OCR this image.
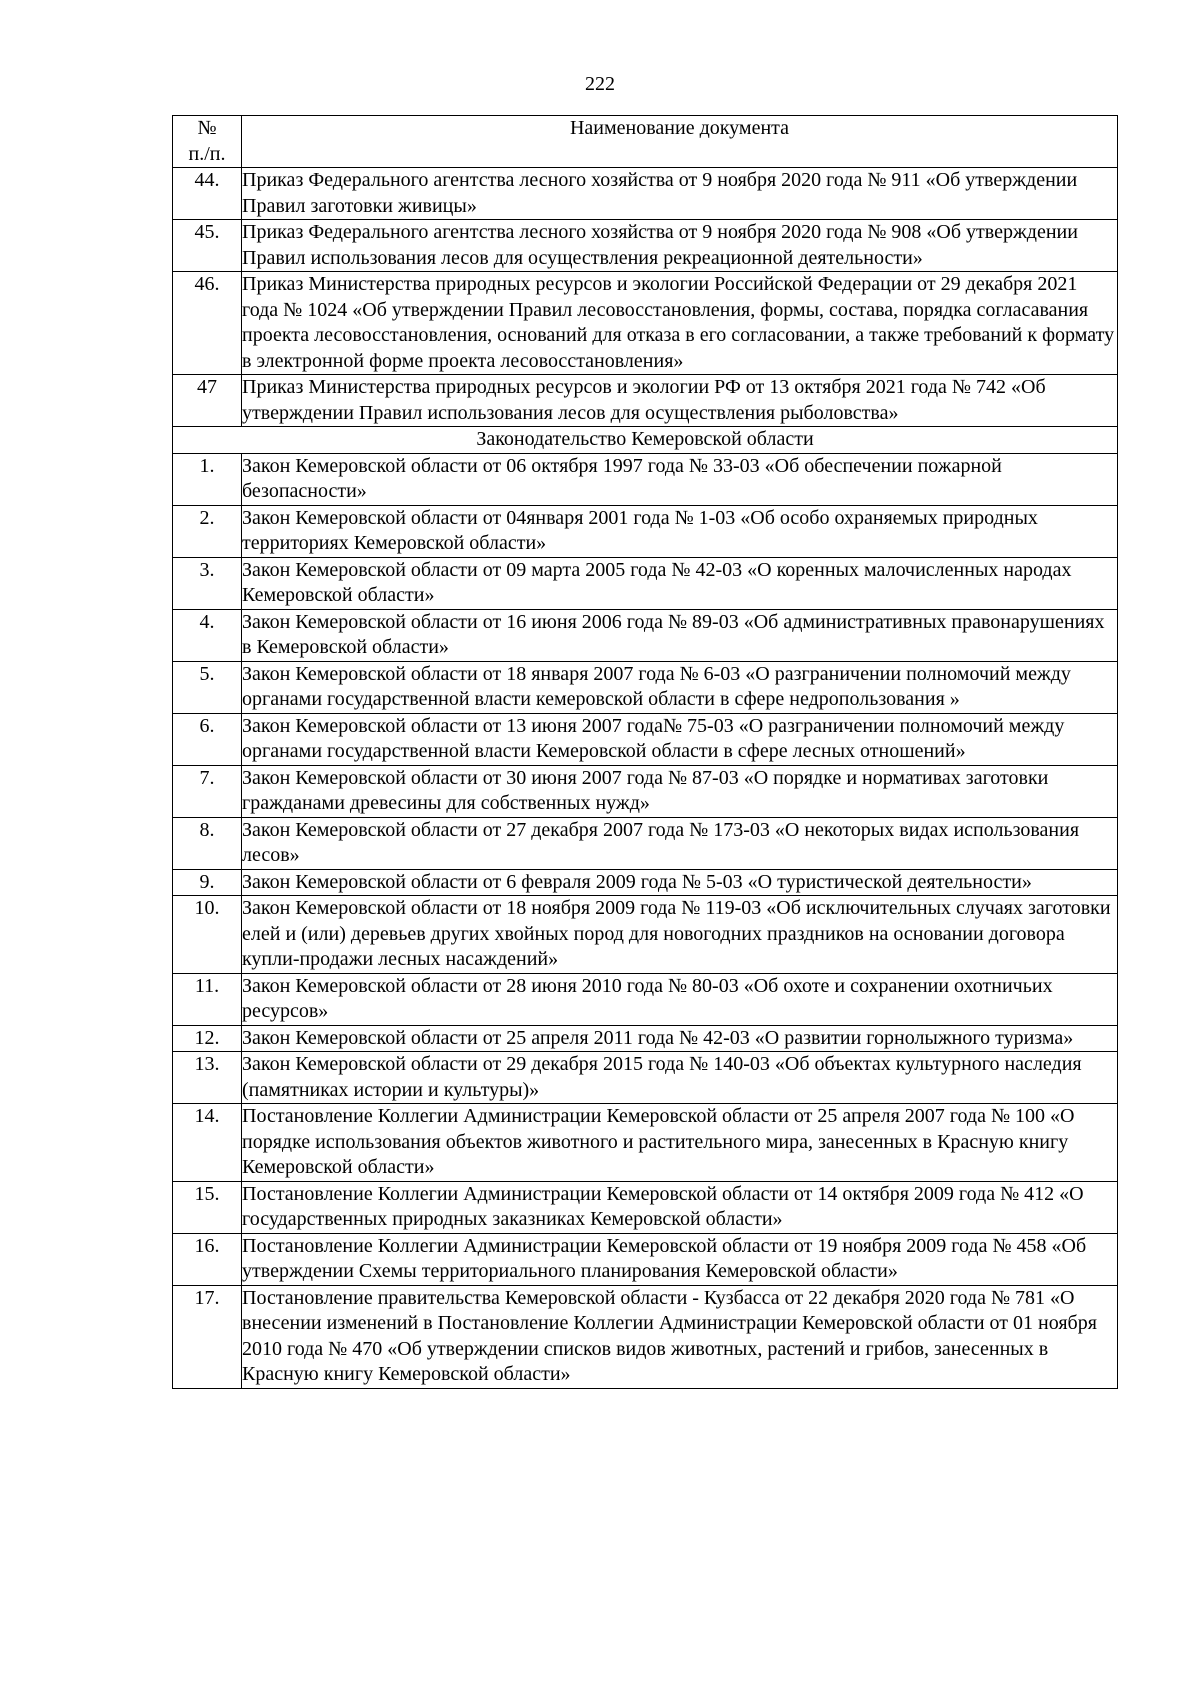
222
№
п./п.	Наименование документа
44.	Приказ Федерального агентства лесного хозяйства от 9 ноября 2020 года № 911 «Об утверждении Правил заготовки живицы»
45.	Приказ Федерального агентства лесного хозяйства от 9 ноября 2020 года № 908 «Об утверждении Правил использования лесов для осуществления рекреационной деятельности»
46.	Приказ Министерства природных ресурсов и экологии Российской Федерации от 29 декабря 2021 года № 1024 «Об утверждении Правил лесовосстановления, формы, состава, порядка согласавания проекта лесовосстановления, оснований для отказа в его согласовании, а также требований к формату в электронной форме проекта лесовосстановления»
47	Приказ Министерства природных ресурсов и экологии РФ от 13 октября 2021 года № 742 «Об утверждении Правил использования лесов для осуществления рыболовства»
Законодательство Кемеровской области	
1.	Закон Кемеровской области от 06 октября 1997 года № 33-03 «Об обеспечении пожарной безопасности»
2.	Закон Кемеровской области от 04января 2001 года № 1-03 «Об особо охраняемых природных территориях Кемеровской области»
3.	Закон Кемеровской области от 09 марта 2005 года № 42-03 «О коренных малочисленных народах Кемеровской области»
4.	Закон Кемеровской области от 16 июня 2006 года № 89-03 «Об административных правонарушениях в Кемеровской области»
5.	Закон Кемеровской области от 18 января 2007 года № 6-03 «О разграничении полномочий между органами государственной власти кемеровской области в сфере недропользования »
6.	Закон Кемеровской области от 13 июня 2007 года№ 75-03 «О разграничении полномочий между органами государственной власти Кемеровской области в сфере лесных отношений»
7.	Закон Кемеровской области от 30 июня 2007 года № 87-03 «О порядке и нормативах заготовки гражданами древесины для собственных нужд»
8.	Закон Кемеровской области от 27 декабря 2007 года № 173-03 «О некоторых видах использования лесов»
9.	Закон Кемеровской области от 6 февраля 2009 года № 5-03 «О туристической деятельности»
10.	Закон Кемеровской области от 18 ноября 2009 года № 119-03 «Об исключительных случаях заготовки елей и (или) деревьев других хвойных пород для новогодних праздников на основании договора купли-продажи лесных насаждений»
11.	Закон Кемеровской области от 28 июня 2010 года № 80-03 «Об охоте и сохранении охотничьих ресурсов»
12.	Закон Кемеровской области от 25 апреля 2011 года № 42-03 «О развитии горнолыжного туризма»
13.	Закон Кемеровской области от 29 декабря 2015 года № 140-03 «Об объектах культурного наследия (памятниках истории и культуры)»
14.	Постановление Коллегии Администрации Кемеровской области от 25 апреля 2007 года № 100 «О порядке использования объектов животного и растительного мира, занесенных в Красную книгу Кемеровской области»
15.	Постановление Коллегии Администрации Кемеровской области от 14 октября 2009 года № 412 «О государственных природных заказниках Кемеровской области»
16.	Постановление Коллегии Администрации Кемеровской области от 19 ноября 2009 года № 458 «Об утверждении Схемы территориального планирования Кемеровской области»
17.	Постановление правительства Кемеровской области - Кузбасса от 22 декабря 2020 года № 781 «О внесении изменений в Постановление Коллегии Администрации Кемеровской области от 01 ноября 2010 года № 470 «Об утверждении списков видов животных, растений и грибов, занесенных в Красную книгу Кемеровской области»
